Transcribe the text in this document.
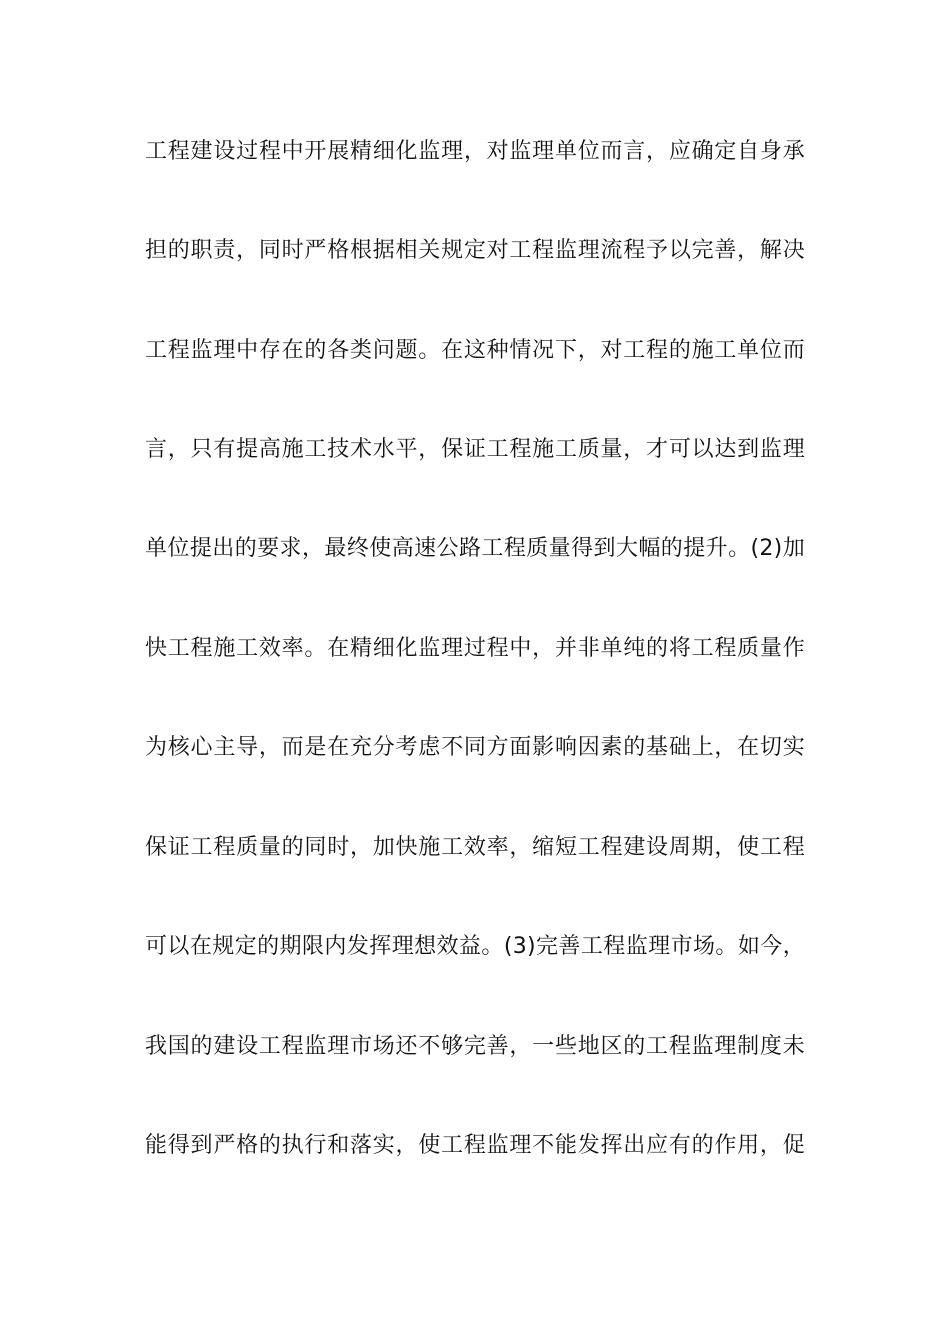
工程建设过程中开展精细化监理，对监理单位而言，应确定自身承

担的职责，同时严格根据相关规定对工程监理流程予以完善，解决

工程监理中存在的各类问题。在这种情况下，对工程的施工单位而

言，只有提高施工技术水平，保证工程施工质量，才可以达到监理

单位提出的要求，最终使高速公路工程质量得到大幅的提升。(2)加

快工程施工效率。在精细化监理过程中，并非单纯的将工程质量作

为核心主导，而是在充分考虑不同方面影响因素的基础上，在切实

保证工程质量的同时，加快施工效率，缩短工程建设周期，使工程

可以在规定的期限内发挥理想效益。(3)完善工程监理市场。如今，

我国的建设工程监理市场还不够完善，一些地区的工程监理制度未

能得到严格的执行和落实，使工程监理不能发挥出应有的作用，促
